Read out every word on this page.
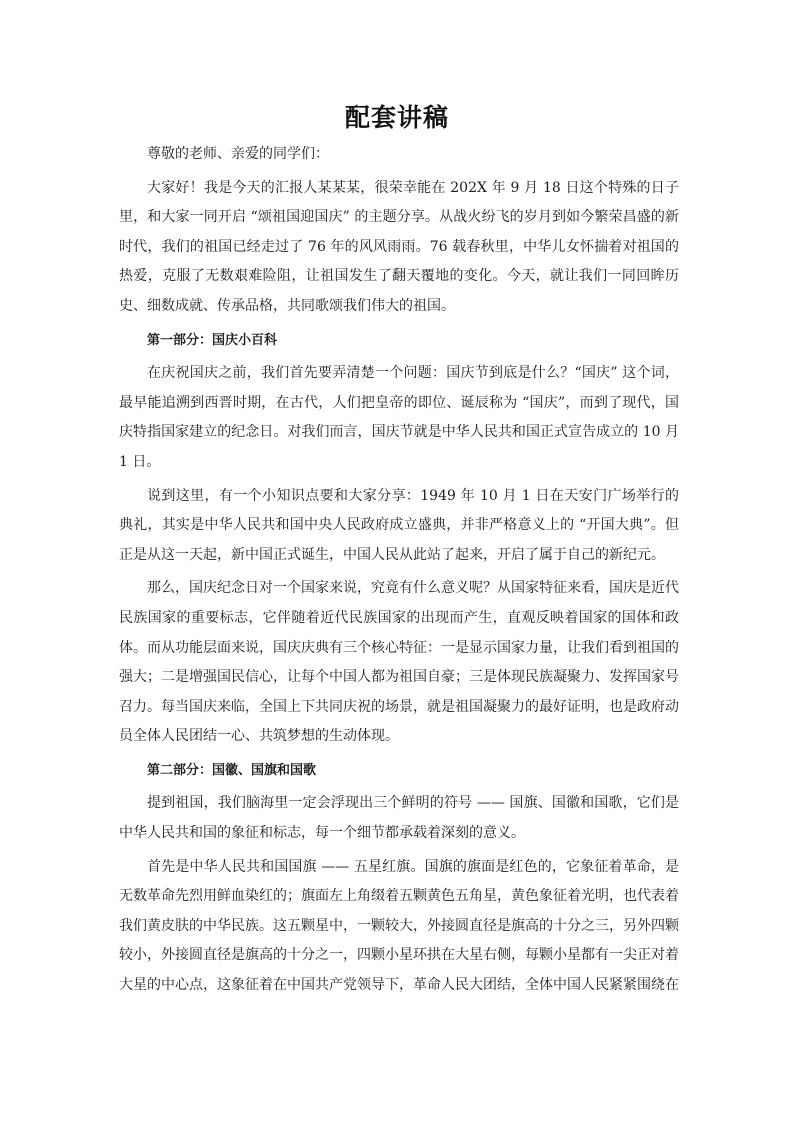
配套讲稿

尊敬的老师、亲爱的同学们：

大家好！我是今天的汇报人某某某，很荣幸能在 202X 年 9 月 18 日这个特殊的日子里，和大家一同开启 “颂祖国迎国庆” 的主题分享。从战火纷飞的岁月到如今繁荣昌盛的新时代，我们的祖国已经走过了 76 年的风风雨雨。76 载春秋里，中华儿女怀揣着对祖国的热爱，克服了无数艰难险阻，让祖国发生了翻天覆地的变化。今天，就让我们一同回眸历史、细数成就、传承品格，共同歌颂我们伟大的祖国。

第一部分：国庆小百科

在庆祝国庆之前，我们首先要弄清楚一个问题：国庆节到底是什么？“国庆” 这个词，最早能追溯到西晋时期，在古代，人们把皇帝的即位、诞辰称为 “国庆”，而到了现代，国庆特指国家建立的纪念日。对我们而言，国庆节就是中华人民共和国正式宣告成立的 10 月 1 日。

说到这里，有一个小知识点要和大家分享：1949 年 10 月 1 日在天安门广场举行的典礼，其实是中华人民共和国中央人民政府成立盛典，并非严格意义上的 “开国大典”。但正是从这一天起，新中国正式诞生，中国人民从此站了起来，开启了属于自己的新纪元。

那么，国庆纪念日对一个国家来说，究竟有什么意义呢？从国家特征来看，国庆是近代民族国家的重要标志，它伴随着近代民族国家的出现而产生，直观反映着国家的国体和政体。而从功能层面来说，国庆庆典有三个核心特征：一是显示国家力量，让我们看到祖国的强大；二是增强国民信心，让每个中国人都为祖国自豪；三是体现民族凝聚力、发挥国家号召力。每当国庆来临，全国上下共同庆祝的场景，就是祖国凝聚力的最好证明，也是政府动员全体人民团结一心、共筑梦想的生动体现。

第二部分：国徽、国旗和国歌

提到祖国，我们脑海里一定会浮现出三个鲜明的符号 —— 国旗、国徽和国歌，它们是中华人民共和国的象征和标志，每一个细节都承载着深刻的意义。

首先是中华人民共和国国旗 —— 五星红旗。国旗的旗面是红色的，它象征着革命，是无数革命先烈用鲜血染红的；旗面左上角缀着五颗黄色五角星，黄色象征着光明，也代表着我们黄皮肤的中华民族。这五颗星中，一颗较大，外接圆直径是旗高的十分之三，另外四颗较小，外接圆直径是旗高的十分之一，四颗小星环拱在大星右侧，每颗小星都有一尖正对着大星的中心点，这象征着在中国共产党领导下，革命人民大团结，全体中国人民紧紧围绕在
